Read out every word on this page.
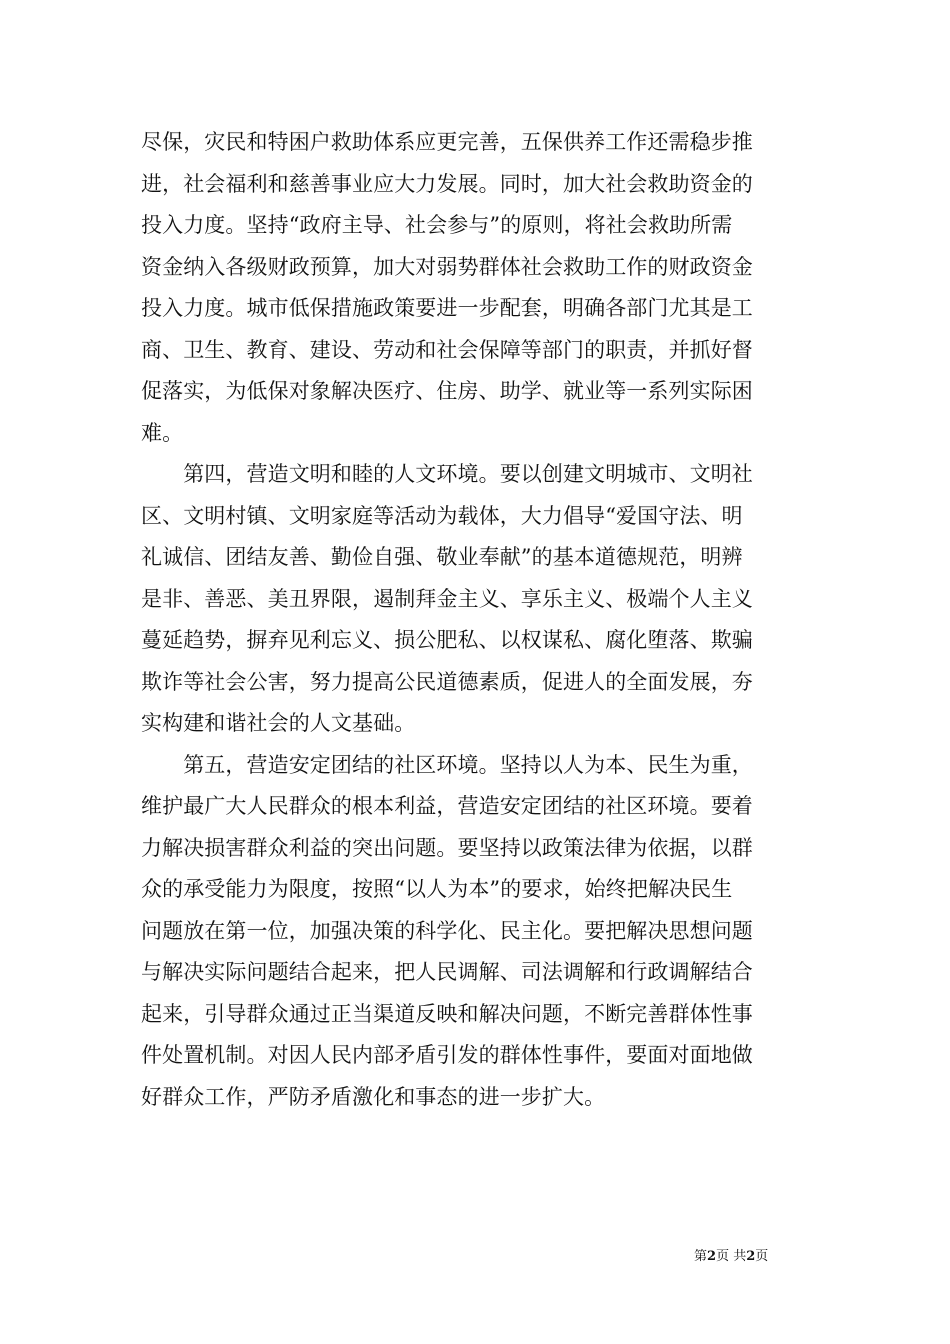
尽保，灾民和特困户救助体系应更完善，五保供养工作还需稳步推
进，社会福利和慈善事业应大力发展。同时，加大社会救助资金的
投入力度。坚持“政府主导、社会参与”的原则，将社会救助所需
资金纳入各级财政预算，加大对弱势群体社会救助工作的财政资金
投入力度。城市低保措施政策要进一步配套，明确各部门尤其是工
商、卫生、教育、建设、劳动和社会保障等部门的职责，并抓好督
促落实，为低保对象解决医疗、住房、助学、就业等一系列实际困
难。
　　第四，营造文明和睦的人文环境。要以创建文明城市、文明社
区、文明村镇、文明家庭等活动为载体，大力倡导“爱国守法、明
礼诚信、团结友善、勤俭自强、敬业奉献”的基本道德规范，明辨
是非、善恶、美丑界限，遏制拜金主义、享乐主义、极端个人主义
蔓延趋势，摒弃见利忘义、损公肥私、以权谋私、腐化堕落、欺骗
欺诈等社会公害，努力提高公民道德素质，促进人的全面发展，夯
实构建和谐社会的人文基础。
　　第五，营造安定团结的社区环境。坚持以人为本、民生为重，
维护最广大人民群众的根本利益，营造安定团结的社区环境。要着
力解决损害群众利益的突出问题。要坚持以政策法律为依据，以群
众的承受能力为限度，按照“以人为本”的要求，始终把解决民生
问题放在第一位，加强决策的科学化、民主化。要把解决思想问题
与解决实际问题结合起来，把人民调解、司法调解和行政调解结合
起来，引导群众通过正当渠道反映和解决问题，不断完善群体性事
件处置机制。对因人民内部矛盾引发的群体性事件，要面对面地做
好群众工作，严防矛盾激化和事态的进一步扩大。
第2页 共2页
